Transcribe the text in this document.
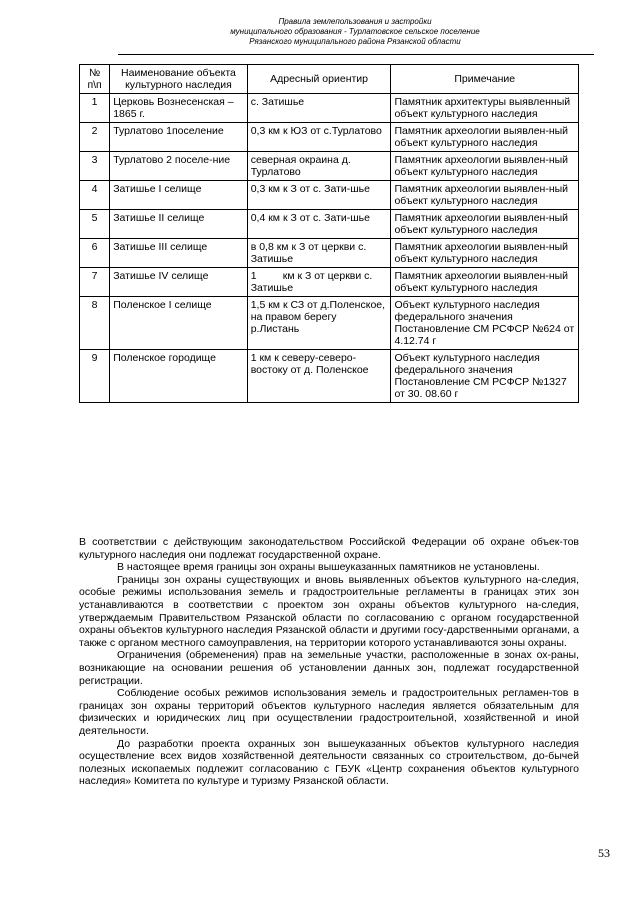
Правила землепользования и застройки
муниципального образования - Турлатовское сельское поселение
Рязанского муниципального района Рязанской области
№ п\п	Наименование объекта культурного наследия	Адресный ориентир	Примечание
1	Церковь Вознесенская – 1865 г.	с. Затишье	Памятник архитектуры выявленный объект культурного наследия
2	Турлатово 1поселение	0,3 км к ЮЗ от с.Турлатово	Памятник археологии выявлен-ный объект культурного наследия
3	Турлатово 2 поселе-ние	северная окраина д. Турлатово	Памятник археологии выявлен-ный объект культурного наследия
4	Затишье I селище	0,3 км к З от с. Зати-шье	Памятник археологии выявлен-ный объект культурного наследия
5	Затишье II селище	0,4 км к З от с. Зати-шье	Памятник археологии выявлен-ный объект культурного наследия
6	Затишье III селище	в 0,8 км к З от церкви с. Затишье	Памятник археологии выявлен-ный объект культурного наследия
7	Затишье IV селище	1         км к З от церкви с. Затишье	Памятник археологии выявлен-ный объект культурного наследия
8	Поленское I селище	1,5 км к СЗ от д.Поленское, на правом берегу р.Листань	Объект культурного наследия федерального значения Постановление СМ РСФСР №624 от 4.12.74 г
9	Поленское городище	1 км к северу-северо-востоку от д. Поленское	Объект культурного наследия федерального значения Постановление СМ РСФСР №1327 от 30. 08.60 г

В соответствии с действующим законодательством Российской Федерации об охране объек-тов культурного наследия они подлежат государственной охране.

В настоящее время границы зон охраны вышеуказанных памятников не установлены.

Границы зон охраны существующих и вновь выявленных объектов культурного на-следия, особые режимы использования земель и градостроительные регламенты в границах этих зон устанавливаются в соответствии с проектом зон охраны объектов культурного на-следия, утверждаемым Правительством Рязанской области по согласованию с органом государственной охраны объектов культурного наследия Рязанской области и другими госу-дарственными органами, а также с органом местного самоуправления, на территории которого устанавливаются зоны охраны.

Ограничения (обременения) прав на земельные участки, расположенные в зонах ох-раны, возникающие на основании решения об установлении данных зон, подлежат государственной регистрации.

Соблюдение особых режимов использования земель и градостроительных регламен-тов в границах зон охраны территорий объектов культурного наследия является обязательным для физических и юридических лиц при осуществлении градостроительной, хозяйственной и иной деятельности.

До разработки проекта охранных зон вышеуказанных объектов культурного наследия осуществление всех видов хозяйственной деятельности связанных со строительством, до-бычей полезных ископаемых подлежит согласованию с ГБУК «Центр сохранения объектов культурного наследия» Комитета по культуре и туризму Рязанской области.

53
